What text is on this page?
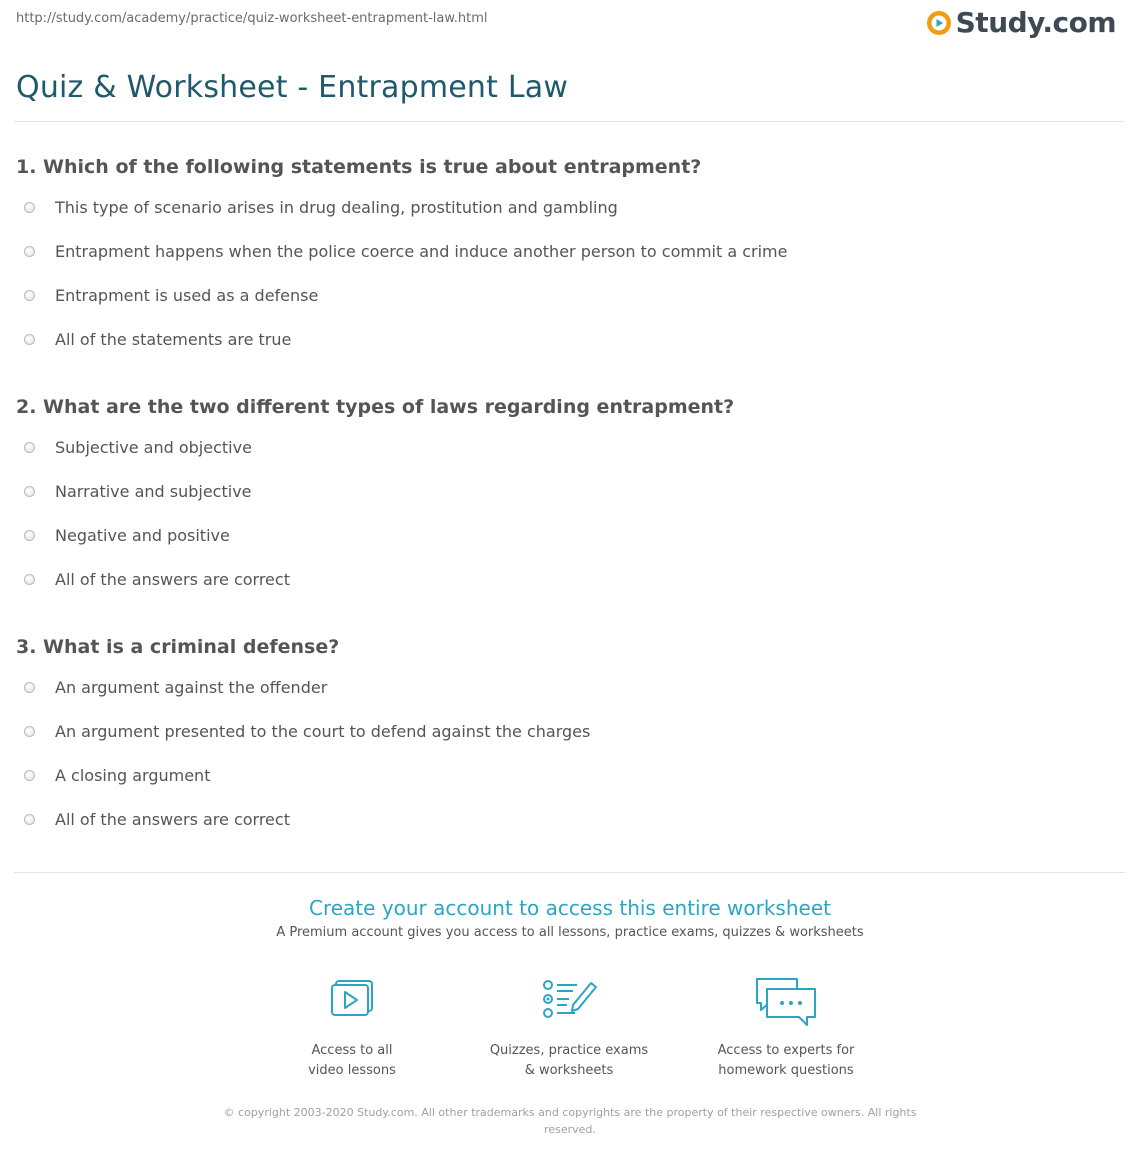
http://study.com/academy/practice/quiz-worksheet-entrapment-law.html	Study.com
Quiz & Worksheet - Entrapment Law
1. Which of the following statements is true about entrapment?
This type of scenario arises in drug dealing, prostitution and gambling
Entrapment happens when the police coerce and induce another person to commit a crime
Entrapment is used as a defense
All of the statements are true
2. What are the two different types of laws regarding entrapment?
Subjective and objective
Narrative and subjective
Negative and positive
All of the answers are correct
3. What is a criminal defense?
An argument against the offender
An argument presented to the court to defend against the charges
A closing argument
All of the answers are correct
Create your account to access this entire worksheet
A Premium account gives you access to all lessons, practice exams, quizzes & worksheets
Access to all
video lessons
Quizzes, practice exams
& worksheets
Access to experts for
homework questions
© copyright 2003-2020 Study.com. All other trademarks and copyrights are the property of their respective owners. All rights reserved.
